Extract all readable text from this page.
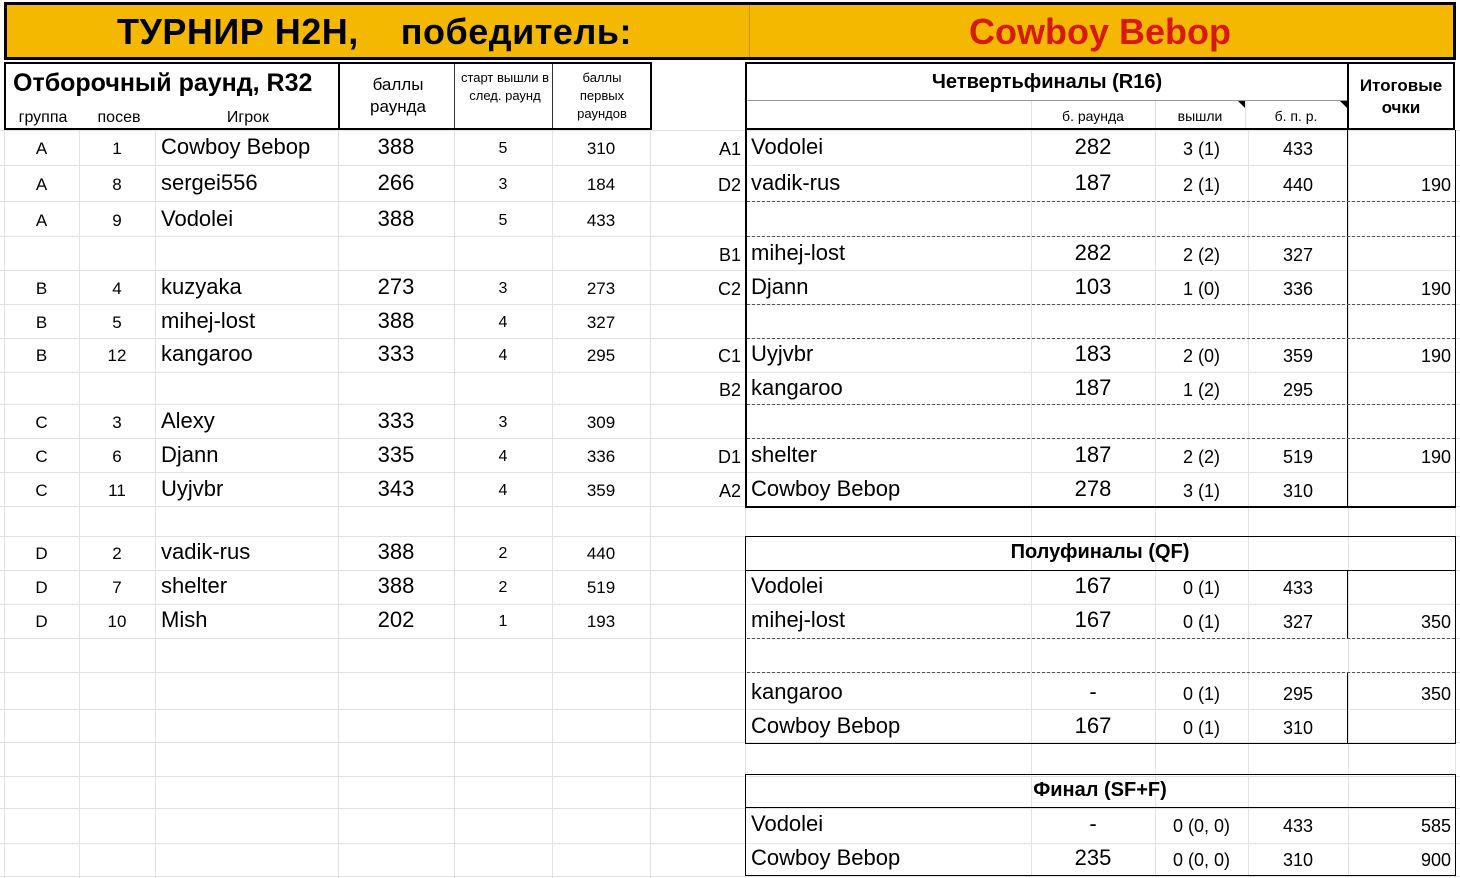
ТУРНИР H2H,    победитель:	Cowboy Bebop
Отборочный раунд, R32
группа	посев	Игрок
баллы раунда
старт вышли в след. раунд
баллы первых раундов
A	1	Cowboy Bebop	388	5	310
A	8	sergei556	266	3	184
A	9	Vodolei	388	5	433
B	4	kuzyaka	273	3	273
B	5	mihej-lost	388	4	327
B	12	kangaroo	333	4	295
C	3	Alexy	333	3	309
C	6	Djann	335	4	336
C	11	Uyjvbr	343	4	359
D	2	vadik-rus	388	2	440
D	7	shelter	388	2	519
D	10	Mish	202	1	193
Четвертьфиналы (R16)
б. раунда	вышли	б. п. р.
Итоговые очки
A1 Vodolei	282	3 (1)	433
D2 vadik-rus	187	2 (1)	440	190
B1 mihej-lost	282	2 (2)	327
C2 Djann	103	1 (0)	336	190
C1 Uyjvbr	183	2 (0)	359	190
B2 kangaroo	187	1 (2)	295
D1 shelter	187	2 (2)	519	190
A2 Cowboy Bebop	278	3 (1)	310
Полуфиналы (QF)
Vodolei	167	0 (1)	433
mihej-lost	167	0 (1)	327	350
kangaroo	-	0 (1)	295	350
Cowboy Bebop	167	0 (1)	310
Финал (SF+F)
Vodolei	-	0 (0, 0)	433	585
Cowboy Bebop	235	0 (0, 0)	310	900
